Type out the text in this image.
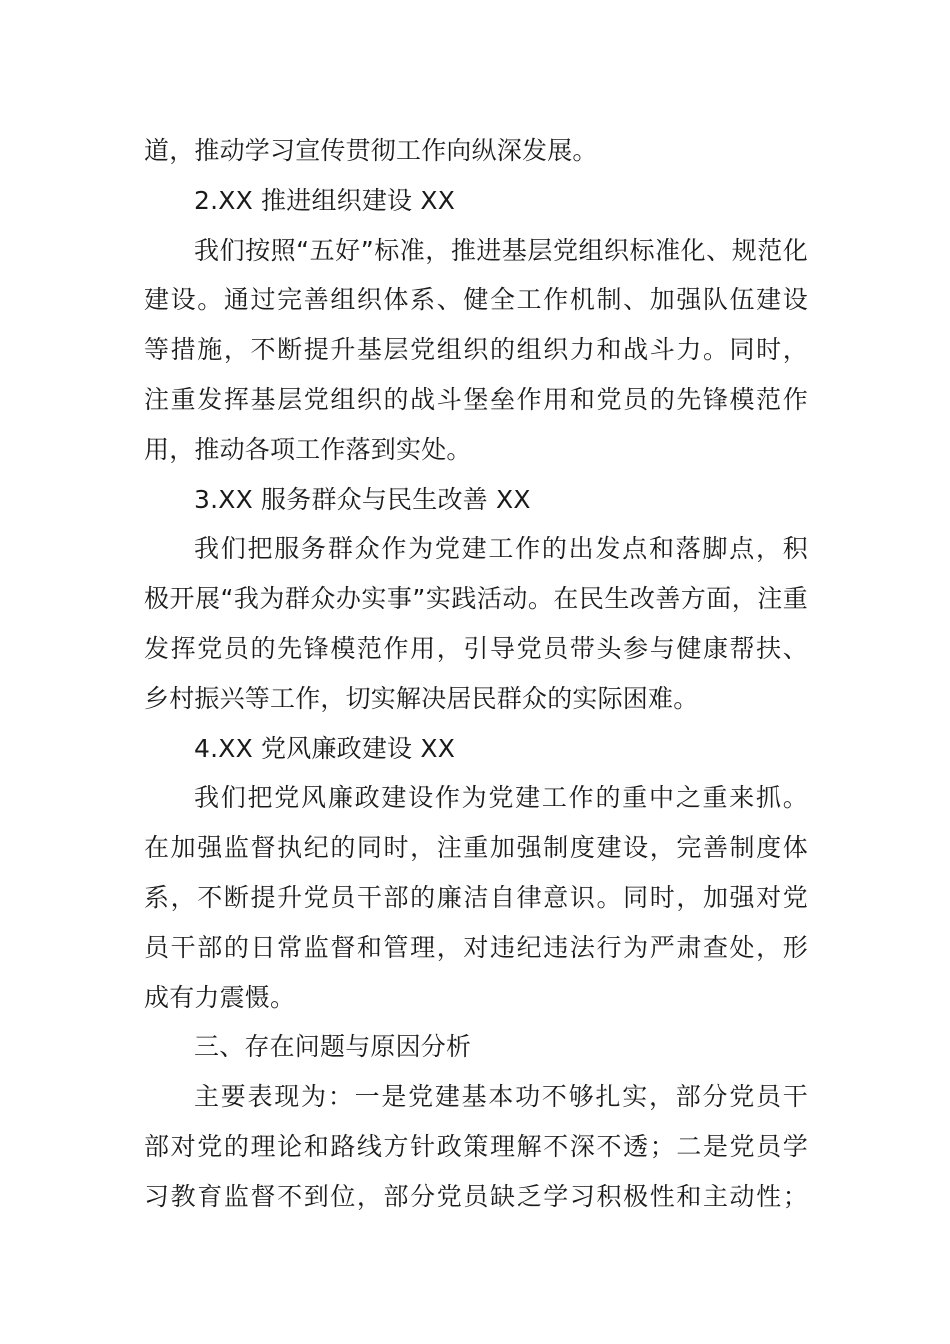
道，推动学习宣传贯彻工作向纵深发展。
2.XX 推进组织建设 XX
我们按照“五好”标准，推进基层党组织标准化、规范化
建设。通过完善组织体系、健全工作机制、加强队伍建设
等措施，不断提升基层党组织的组织力和战斗力。同时，
注重发挥基层党组织的战斗堡垒作用和党员的先锋模范作
用，推动各项工作落到实处。
3.XX 服务群众与民生改善 XX
我们把服务群众作为党建工作的出发点和落脚点，积
极开展“我为群众办实事”实践活动。在民生改善方面，注重
发挥党员的先锋模范作用，引导党员带头参与健康帮扶、
乡村振兴等工作，切实解决居民群众的实际困难。
4.XX 党风廉政建设 XX
我们把党风廉政建设作为党建工作的重中之重来抓。
在加强监督执纪的同时，注重加强制度建设，完善制度体
系，不断提升党员干部的廉洁自律意识。同时，加强对党
员干部的日常监督和管理，对违纪违法行为严肃查处，形
成有力震慑。
三、存在问题与原因分析
主要表现为：一是党建基本功不够扎实，部分党员干
部对党的理论和路线方针政策理解不深不透；二是党员学
习教育监督不到位，部分党员缺乏学习积极性和主动性；
